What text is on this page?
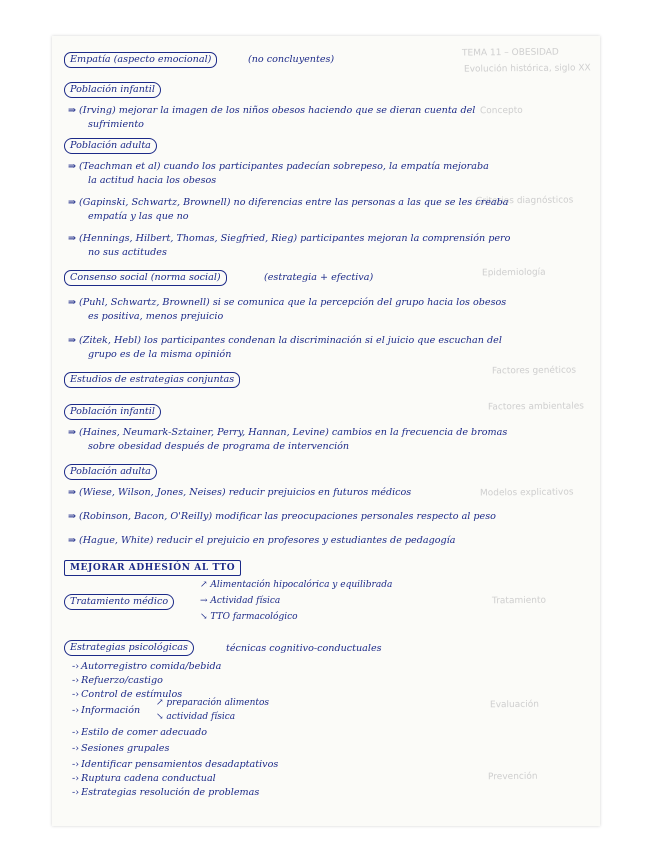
TEMA 11 – OBESIDAD
Evolución histórica, siglo XX
Concepto
Criterios diagnósticos
Epidemiología
Factores genéticos
Factores ambientales
Modelos explicativos
Tratamiento
Evaluación
Prevención
Empatía (aspecto emocional)	(no concluyentes)
Población infantil
⇒ (Irving) mejorar la imagen de los niños obesos haciendo que se dieran cuenta del
sufrimiento
Población adulta
⇒ (Teachman et al) cuando los participantes padecían sobrepeso, la empatía mejoraba
la actitud hacia los obesos
⇒ (Gapinski, Schwartz, Brownell) no diferencias entre las personas a las que se les creaba
empatía y las que no
⇒ (Hennings, Hilbert, Thomas, Siegfried, Rieg) participantes mejoran la comprensión pero
no sus actitudes
Consenso social (norma social)	(estrategia + efectiva)
⇒ (Puhl, Schwartz, Brownell) si se comunica que la percepción del grupo hacia los obesos
es positiva, menos prejuicio
⇒ (Zitek, Hebl) los participantes condenan la discriminación si el juicio que escuchan del
grupo es de la misma opinión
Estudios de estrategias conjuntas
Población infantil
⇒ (Haines, Neumark-Sztainer, Perry, Hannan, Levine) cambios en la frecuencia de bromas
sobre obesidad después de programa de intervención
Población adulta
⇒ (Wiese, Wilson, Jones, Neises) reducir prejuicios en futuros médicos
⇒ (Robinson, Bacon, O'Reilly) modificar las preocupaciones personales respecto al peso
⇒ (Hague, White) reducir el prejuicio en profesores y estudiantes de pedagogía
MEJORAR ADHESIÓN AL TTO
Tratamiento médico
↗ Alimentación hipocalórica y equilibrada
→ Actividad física
↘ TTO farmacológico
Estrategias psicológicas	técnicas cognitivo-conductuales
-› Autorregistro comida/bebida
-› Refuerzo/castigo
-› Control de estímulos
-› Información
↗ preparación alimentos
↘ actividad física
-› Estilo de comer adecuado
-› Sesiones grupales
-› Identificar pensamientos desadaptativos
-› Ruptura cadena conductual
-› Estrategias resolución de problemas
